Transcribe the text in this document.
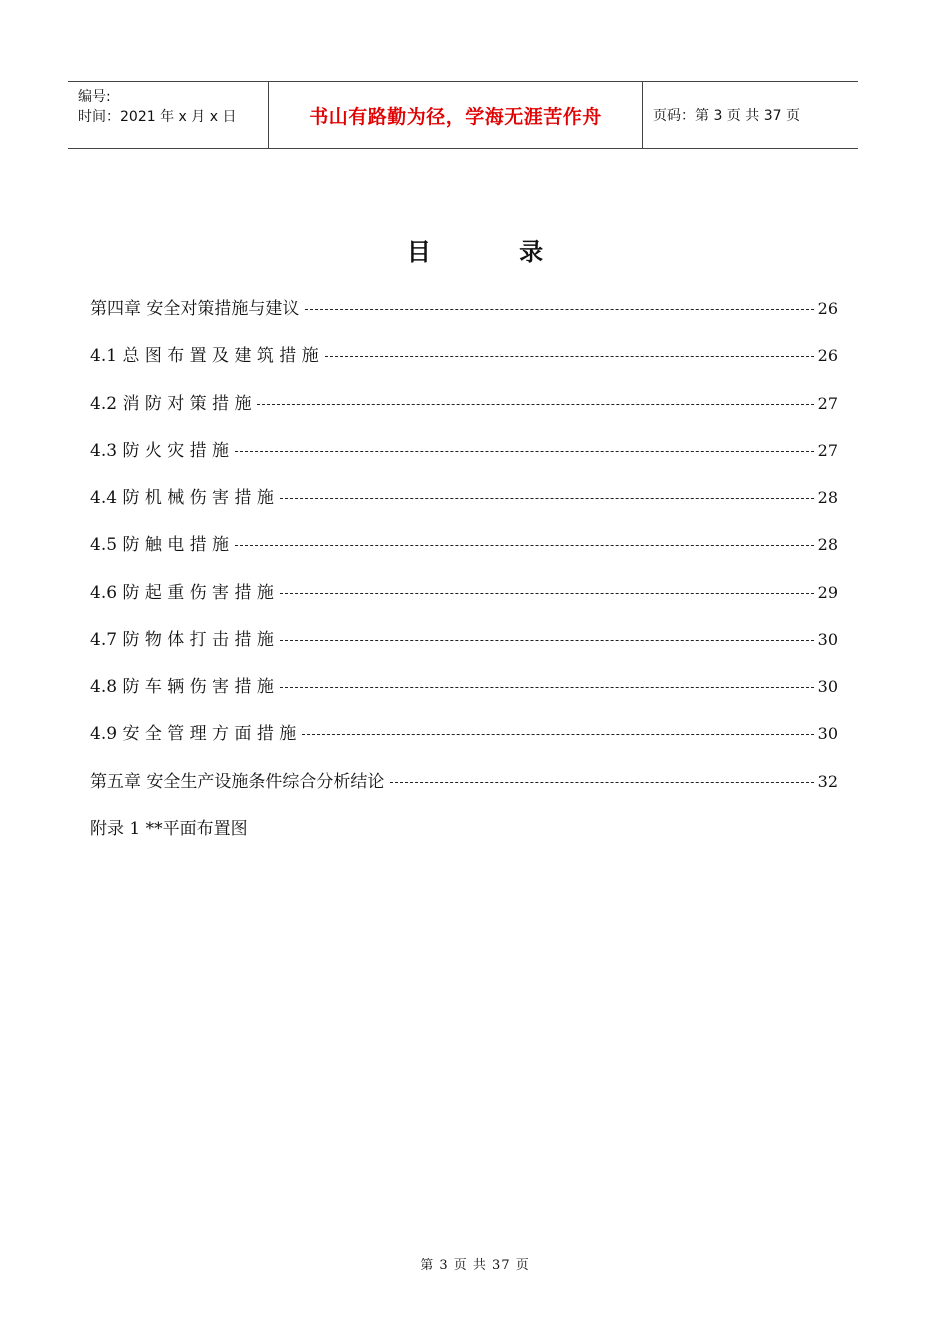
编号:
时间：2021 年 x 月 x 日	书山有路勤为径，学海无涯苦作舟	页码：第 3 页 共 37 页
目 录
第四章 安全对策措施与建议	26
4.1 总 图 布 置 及 建 筑 措 施	26
4.2 消 防 对 策 措 施	27
4.3 防 火 灾 措 施	27
4.4 防 机 械 伤 害 措 施	28
4.5 防 触 电 措 施	28
4.6 防 起 重 伤 害 措 施	29
4.7 防 物 体 打 击 措 施	30
4.8 防 车 辆 伤 害 措 施	30
4.9 安 全 管 理 方 面 措 施	30
第五章 安全生产设施条件综合分析结论	32
附录 1 **平面布置图
第 3 页 共 37 页
